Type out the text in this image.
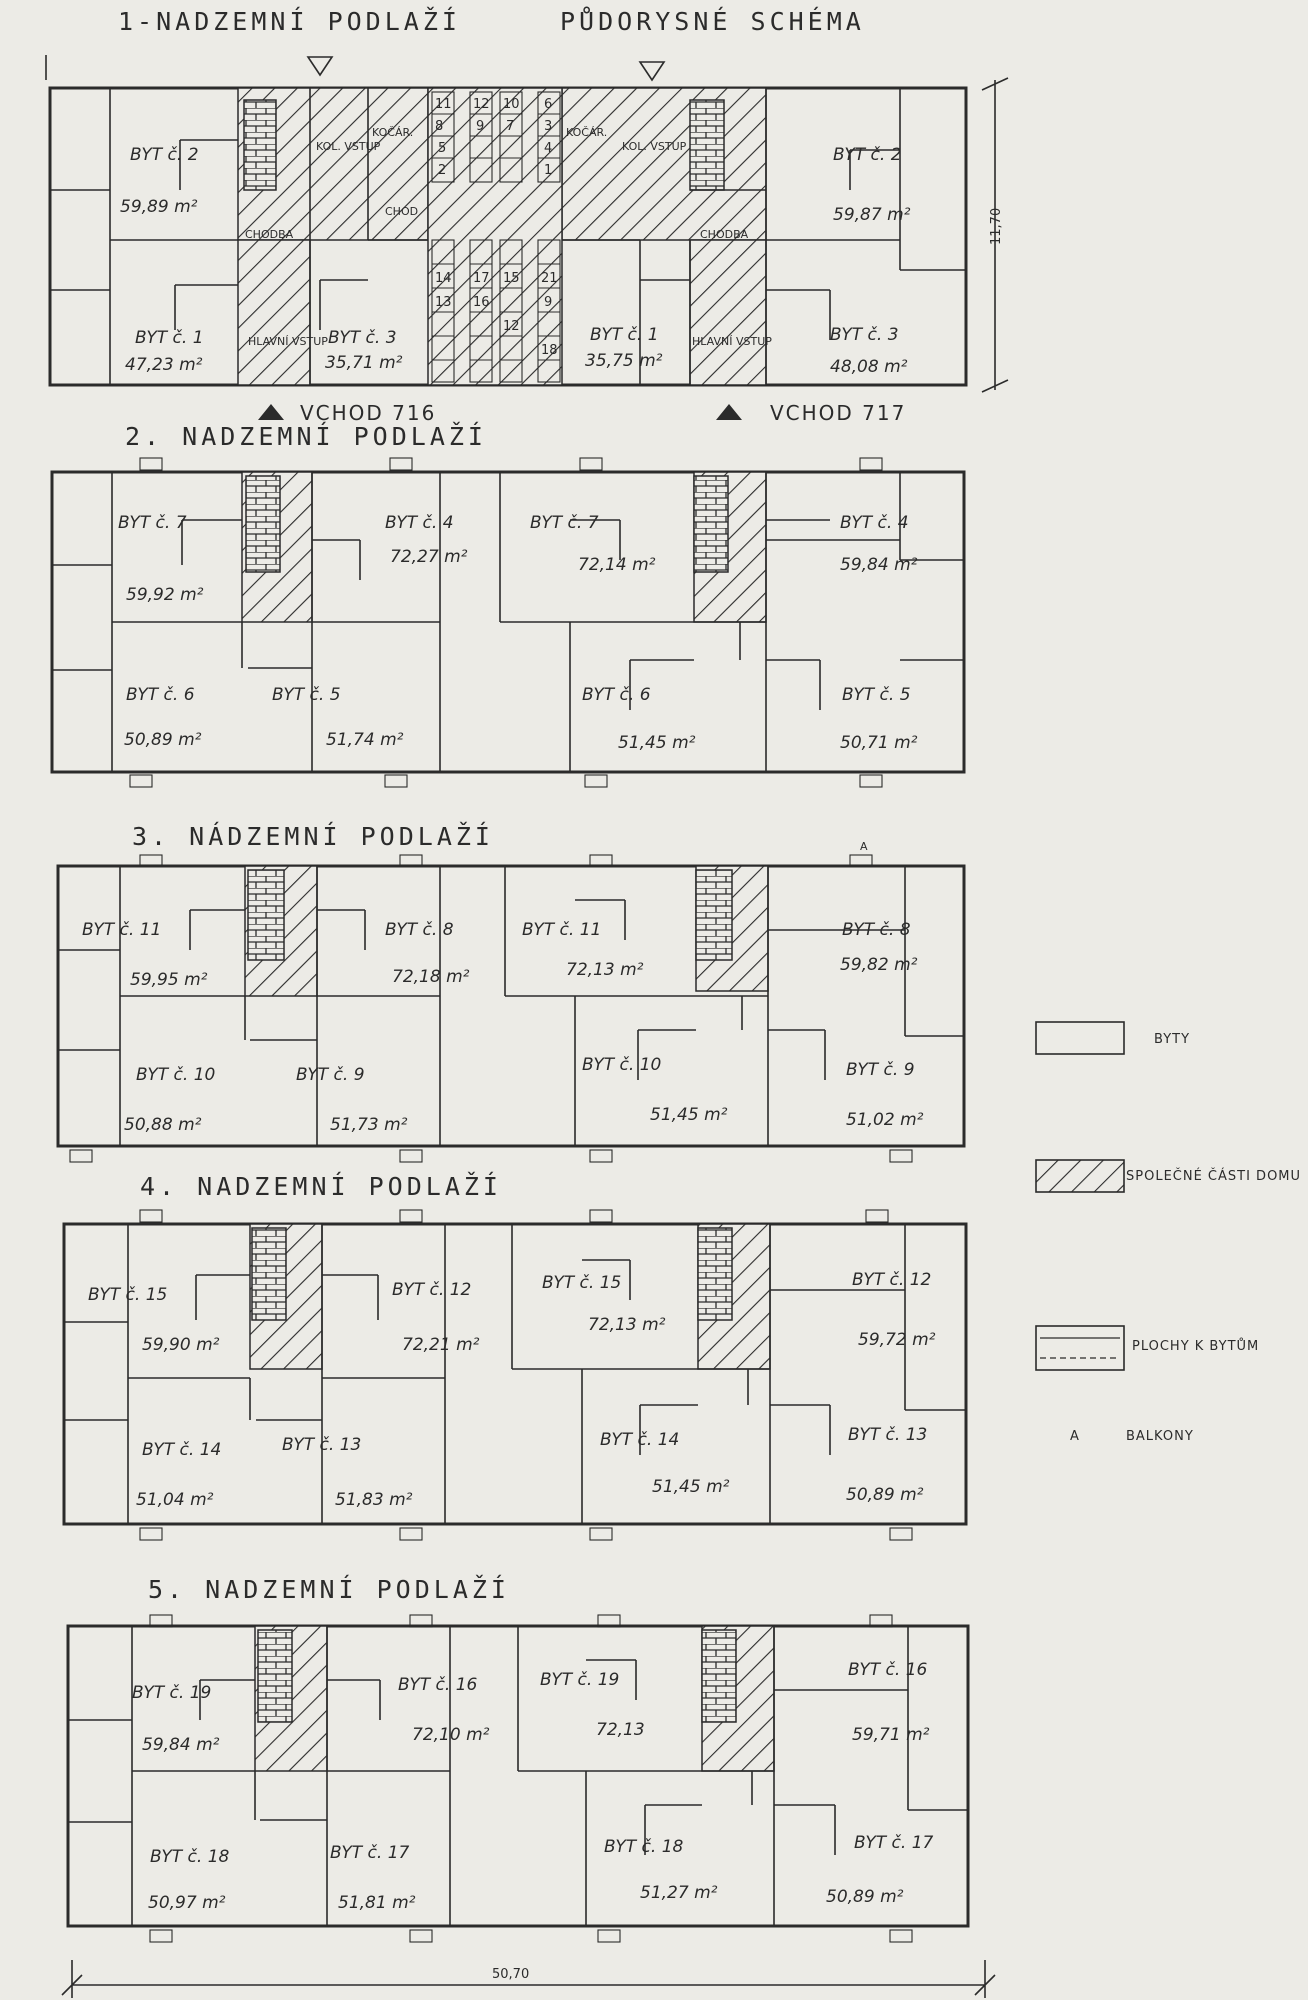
1-NADZEMNÍ PODLAŽÍ	PŮDORYSNÉ SCHÉMA
11
8
5
2
12
9
10
7
6
3
4
1
14
13
17
16
15 21
9
18
12
BYT č. 2
59,89 m²
BYT č. 2
59,87 m²
BYT č. 1
47,23 m²
BYT č. 3
35,71 m²
BYT č. 1
35,75 m²
BYT č. 3
48,08 m²
KOČÁR.
KOL. VSTUP
CHODBA
HLAVNÍ VSTUP
CHOD
KOČÁR.
KOL. VSTUP
CHODBA
HLAVNÍ VSTUP
11,70
VCHOD 716	VCHOD 717
2. NADZEMNÍ PODLAŽÍ
BYT č. 7
59,92 m²
BYT č. 4
72,27 m²
BYT č. 7
72,14 m²
BYT č. 4
59,84 m²
BYT č. 6
50,89 m²
BYT č. 5
51,74 m²
BYT č. 6
51,45 m²
BYT č. 5
50,71 m²
3. NÁDZEMNÍ PODLAŽÍ	A
BYT č. 11
59,95 m²
BYT č. 8
72,18 m²
BYT č. 11
72,13 m²
BYT č. 8
59,82 m²
BYT č. 10
50,88 m²
BYT č. 9
51,73 m²
BYT č. 10
51,45 m²
BYT č. 9
51,02 m²
4. NADZEMNÍ PODLAŽÍ
BYT č. 15
59,90 m²
BYT č. 12
72,21 m²
BYT č. 15
72,13 m²
BYT č. 12
59,72 m²
BYT č. 14
51,04 m²
BYT č. 13
51,83 m²
BYT č. 14
51,45 m²
BYT č. 13
50,89 m²
5. NADZEMNÍ PODLAŽÍ
BYT č. 19
59,84 m²
BYT č. 16
72,10 m²
BYT č. 19
72,13
BYT č. 16
59,71 m²
BYT č. 18
50,97 m²
BYT č. 17
51,81 m²
BYT č. 18
51,27 m²
BYT č. 17
50,89 m²
50,70
BYTY
SPOLEČNÉ ČÁSTI DOMU
PLOCHY K BYTŮM
A	BALKONY
